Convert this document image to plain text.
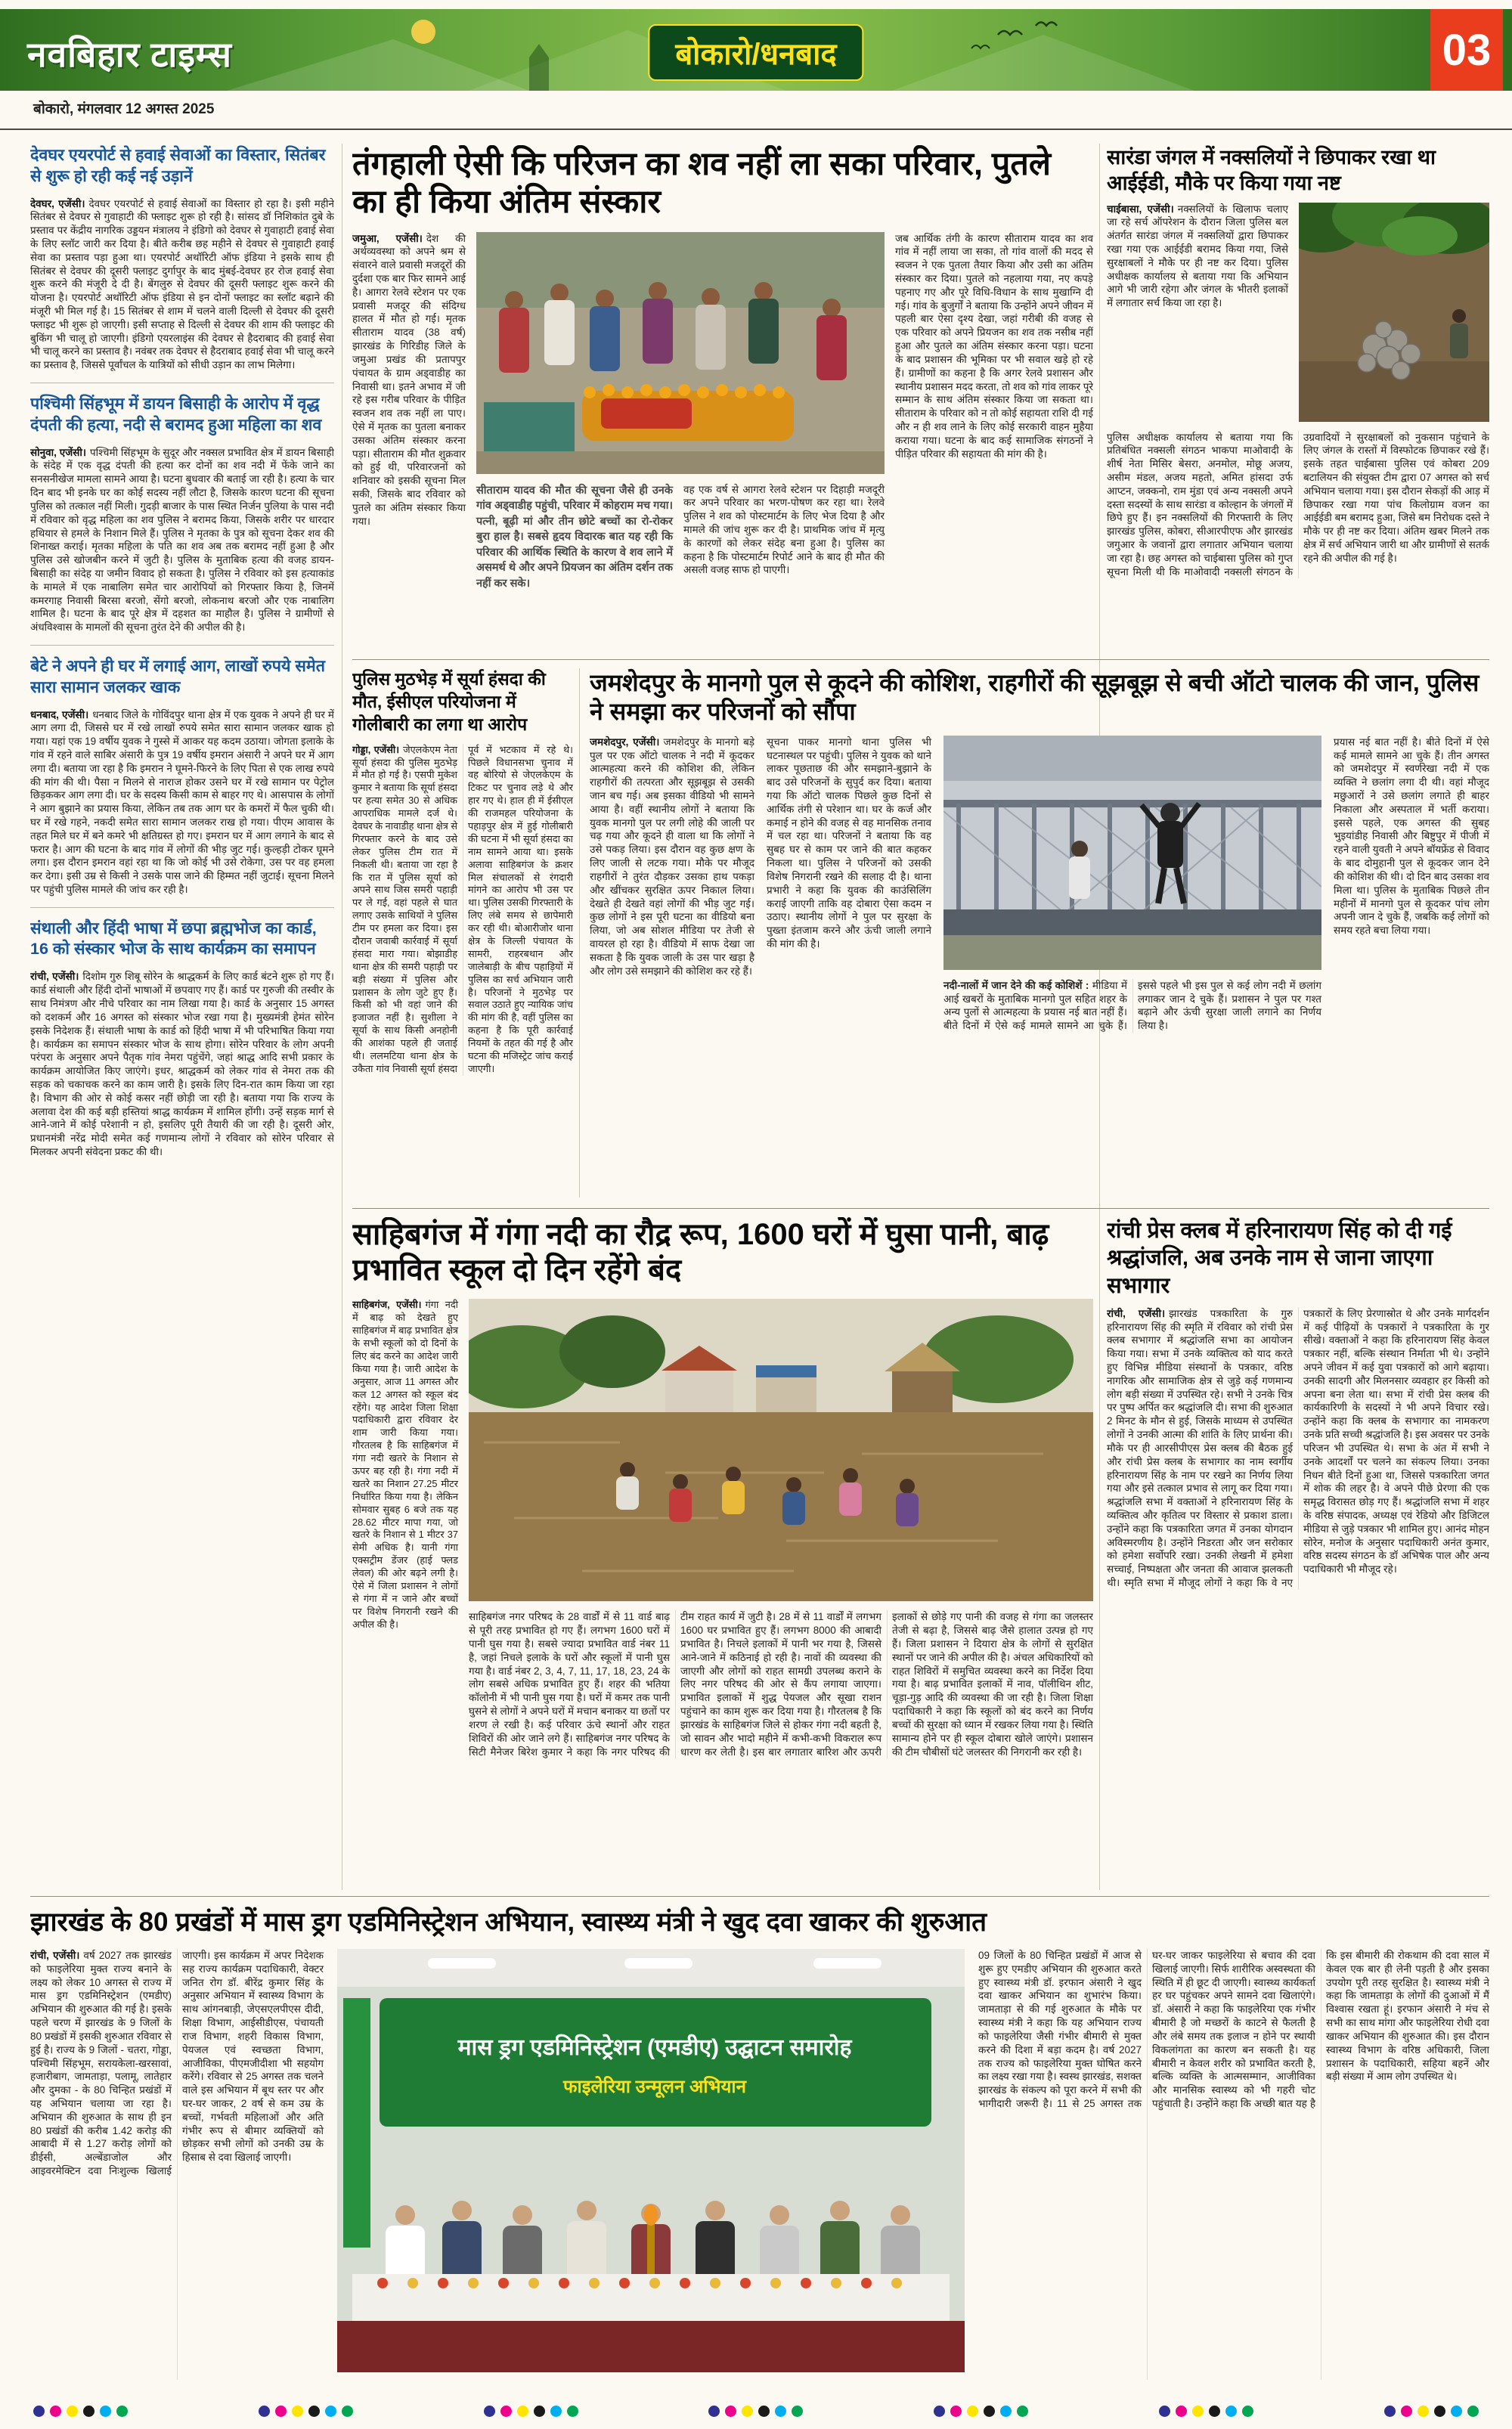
नवबिहार टाइम्स	बोकारो/धनबाद	03
बोकारो, मंगलवार 12 अगस्त 2025
देवघर एयरपोर्ट से हवाई सेवाओं का विस्तार, सितंबर से शुरू हो रही कई नई उड़ानें

देवघर, एजेंसी। देवघर एयरपोर्ट से हवाई सेवाओं का विस्तार हो रहा है। इसी महीने सितंबर से देवघर से गुवाहाटी की फ्लाइट शुरू हो रही है। सांसद डॉ निशिकांत दुबे के प्रस्ताव पर केंद्रीय नागरिक उड्डयन मंत्रालय ने इंडिगो को देवघर से गुवाहाटी हवाई सेवा के लिए स्लॉट जारी कर दिया है। बीते करीब छह महीने से देवघर से गुवाहाटी हवाई सेवा का प्रस्ताव पड़ा हुआ था। एयरपोर्ट अथॉरिटी ऑफ इंडिया ने इसके साथ ही सितंबर से देवघर की दूसरी फ्लाइट दुर्गापुर के बाद मुंबई-देवघर हर रोज हवाई सेवा शुरू करने की मंजूरी दे दी है। बेंगलुरु से देवघर की दूसरी फ्लाइट शुरू करने की योजना है। एयरपोर्ट अथॉरिटी ऑफ इंडिया से इन दोनों फ्लाइट का स्लॉट बढ़ाने की मंजूरी भी मिल गई है। 15 सितंबर से शाम में चलने वाली दिल्ली से देवघर की दूसरी फ्लाइट भी शुरू हो जाएगी। इसी सप्ताह से दिल्ली से देवघर की शाम की फ्लाइट की बुकिंग भी चालू हो जाएगी। इंडिगो एयरलाइंस की देवघर से हैदराबाद की हवाई सेवा भी चालू करने का प्रस्ताव है। नवंबर तक देवघर से हैदराबाद हवाई सेवा भी चालू करने का प्रस्ताव है, जिससे पूर्वांचल के यात्रियों को सीधी उड़ान का लाभ मिलेगा।

पश्चिमी सिंहभूम में डायन बिसाही के आरोप में वृद्ध दंपती की हत्या, नदी से बरामद हुआ महिला का शव

सोनुवा, एजेंसी। पश्चिमी सिंहभूम के सुदूर और नक्सल प्रभावित क्षेत्र में डायन बिसाही के संदेह में एक वृद्ध दंपती की हत्या कर दोनों का शव नदी में फेंके जाने का सनसनीखेज मामला सामने आया है। घटना बुधवार की बताई जा रही है। हत्या के चार दिन बाद भी इनके घर का कोई सदस्य नहीं लौटा है, जिसके कारण घटना की सूचना पुलिस को तत्काल नहीं मिली। गुदड़ी बाजार के पास स्थित निर्जन पुलिया के पास नदी में रविवार को वृद्ध महिला का शव पुलिस ने बरामद किया, जिसके शरीर पर धारदार हथियार से हमले के निशान मिले हैं। पुलिस ने मृतका के पुत्र को सूचना देकर शव की शिनाख्त कराई। मृतका महिला के पति का शव अब तक बरामद नहीं हुआ है और पुलिस उसे खोजबीन करने में जुटी है। पुलिस के मुताबिक हत्या की वजह डायन-बिसाही का संदेह या जमीन विवाद हो सकता है। पुलिस ने रविवार को इस हत्याकांड के मामले में एक नाबालिग समेत चार आरोपियों को गिरफ्तार किया है, जिनमें कमरगाह निवासी बिरसा बरजो, सेंगो बरजो, लोकनाथ बरजो और एक नाबालिग शामिल है। घटना के बाद पूरे क्षेत्र में दहशत का माहौल है। पुलिस ने ग्रामीणों से अंधविश्वास के मामलों की सूचना तुरंत देने की अपील की है।

बेटे ने अपने ही घर में लगाई आग, लाखों रुपये समेत सारा सामान जलकर खाक

धनबाद, एजेंसी। धनबाद जिले के गोविंदपुर थाना क्षेत्र में एक युवक ने अपने ही घर में आग लगा दी, जिससे घर में रखे लाखों रुपये समेत सारा सामान जलकर खाक हो गया। यहां एक 19 वर्षीय युवक ने गुस्से में आकर यह कदम उठाया। जोगता इलाके के गांव में रहने वाले साबिर अंसारी के पुत्र 19 वर्षीय इमरान अंसारी ने अपने घर में आग लगा दी। बताया जा रहा है कि इमरान ने घूमने-फिरने के लिए पिता से एक लाख रुपये की मांग की थी। पैसा न मिलने से नाराज होकर उसने घर में रखे सामान पर पेट्रोल छिड़ककर आग लगा दी। घर के सदस्य किसी काम से बाहर गए थे। आसपास के लोगों ने आग बुझाने का प्रयास किया, लेकिन तब तक आग घर के कमरों में फैल चुकी थी। घर में रखे गहने, नकदी समेत सारा सामान जलकर राख हो गया। पीएम आवास के तहत मिले घर में बने कमरे भी क्षतिग्रस्त हो गए। इमरान घर में आग लगाने के बाद से फरार है। आग की घटना के बाद गांव में लोगों की भीड़ जुट गई। कुल्हड़ी टोकर घूमने लगा। इस दौरान इमरान वहां रहा था कि जो कोई भी उसे रोकेगा, उस पर वह हमला कर देगा। इसी उम्र से किसी ने उसके पास जाने की हिम्मत नहीं जुटाई। सूचना मिलने पर पहुंची पुलिस मामले की जांच कर रही है।

संथाली और हिंदी भाषा में छपा ब्रह्मभोज का कार्ड, 16 को संस्कार भोज के साथ कार्यक्रम का समापन

रांची, एजेंसी। दिशोम गुरु शिबू सोरेन के श्राद्धकर्म के लिए कार्ड बंटने शुरू हो गए हैं। कार्ड संथाली और हिंदी दोनों भाषाओं में छपवाए गए हैं। कार्ड पर गुरुजी की तस्वीर के साथ निमंत्रण और नीचे परिवार का नाम लिखा गया है। कार्ड के अनुसार 15 अगस्त को दशकर्म और 16 अगस्त को संस्कार भोज रखा गया है। मुख्यमंत्री हेमंत सोरेन इसके निदेशक हैं। संथाली भाषा के कार्ड को हिंदी भाषा में भी परिभाषित किया गया है। कार्यक्रम का समापन संस्कार भोज के साथ होगा। सोरेन परिवार के लोग अपनी परंपरा के अनुसार अपने पैतृक गांव नेमरा पहुंचेंगे, जहां श्राद्ध आदि सभी प्रकार के कार्यक्रम आयोजित किए जाएंगे। इधर, श्राद्धकर्म को लेकर गांव से नेमरा तक की सड़क को चकाचक करने का काम जारी है। इसके लिए दिन-रात काम किया जा रहा है। विभाग की ओर से कोई कसर नहीं छोड़ी जा रही है। बताया गया कि राज्य के अलावा देश की कई बड़ी हस्तियां श्राद्ध कार्यक्रम में शामिल होंगी। उन्हें सड़क मार्ग से आने-जाने में कोई परेशानी न हो, इसलिए पूरी तैयारी की जा रही है। दूसरी ओर, प्रधानमंत्री नरेंद्र मोदी समेत कई गणमान्य लोगों ने रविवार को सोरेन परिवार से मिलकर अपनी संवेदना प्रकट की थी।

तंगहाली ऐसी कि परिजन का शव नहीं ला सका परिवार, पुतले का ही किया अंतिम संस्कार
जमुआ, एजेंसी। देश की अर्थव्यवस्था को अपने श्रम से संवारने वाले प्रवासी मजदूरों की दुर्दशा एक बार फिर सामने आई है। आगरा रेलवे स्टेशन पर एक प्रवासी मजदूर की संदिग्ध हालत में मौत हो गई। मृतक सीताराम यादव (38 वर्ष) झारखंड के गिरिडीह जिले के जमुआ प्रखंड की प्रतापपुर पंचायत के ग्राम अड्वाडीह का निवासी था। इतने अभाव में जी रहे इस गरीब परिवार के पीड़ित स्वजन शव तक नहीं ला पाए। ऐसे में मृतक का पुतला बनाकर उसका अंतिम संस्कार करना पड़ा। सीताराम की मौत शुक्रवार को हुई थी, परिवारजनों को शनिवार को इसकी सूचना मिल सकी, जिसके बाद रविवार को पुतले का अंतिम संस्कार किया गया।
सीताराम यादव की मौत की सूचना जैसे ही उनके गांव अड्वाडीह पहुंची, परिवार में कोहराम मच गया। पत्नी, बूढ़ी मां और तीन छोटे बच्चों का रो-रोकर बुरा हाल है। सबसे हृदय विदारक बात यह रही कि परिवार की आर्थिक स्थिति के कारण वे शव लाने में असमर्थ थे और अपने प्रियजन का अंतिम दर्शन तक नहीं कर सके।
वह एक वर्ष से आगरा रेलवे स्टेशन पर दिहाड़ी मजदूरी कर अपने परिवार का भरण-पोषण कर रहा था। रेलवे पुलिस ने शव को पोस्टमार्टम के लिए भेज दिया है और मामले की जांच शुरू कर दी है। प्राथमिक जांच में मृत्यु के कारणों को लेकर संदेह बना हुआ है। पुलिस का कहना है कि पोस्टमार्टम रिपोर्ट आने के बाद ही मौत की असली वजह साफ हो पाएगी।
जब आर्थिक तंगी के कारण सीताराम यादव का शव गांव में नहीं लाया जा सका, तो गांव वालों की मदद से स्वजन ने एक पुतला तैयार किया और उसी का अंतिम संस्कार कर दिया। पुतले को नहलाया गया, नए कपड़े पहनाए गए और पूरे विधि-विधान के साथ मुखाग्नि दी गई। गांव के बुजुर्गों ने बताया कि उन्होंने अपने जीवन में पहली बार ऐसा दृश्य देखा, जहां गरीबी की वजह से एक परिवार को अपने प्रियजन का शव तक नसीब नहीं हुआ और पुतले का अंतिम संस्कार करना पड़ा। घटना के बाद प्रशासन की भूमिका पर भी सवाल खड़े हो रहे हैं। ग्रामीणों का कहना है कि अगर रेलवे प्रशासन और स्थानीय प्रशासन मदद करता, तो शव को गांव लाकर पूरे सम्मान के साथ अंतिम संस्कार किया जा सकता था। सीताराम के परिवार को न तो कोई सहायता राशि दी गई और न ही शव लाने के लिए कोई सरकारी वाहन मुहैया कराया गया। घटना के बाद कई सामाजिक संगठनों ने पीड़ित परिवार की सहायता की मांग की है।
सारंडा जंगल में नक्सलियों ने छिपाकर रखा था आईईडी, मौके पर किया गया नष्ट
चाईबासा, एजेंसी। नक्सलियों के खिलाफ चलाए जा रहे सर्च ऑपरेशन के दौरान जिला पुलिस बल अंतर्गत सारंडा जंगल में नक्सलियों द्वारा छिपाकर रखा गया एक आईईडी बरामद किया गया, जिसे सुरक्षाबलों ने मौके पर ही नष्ट कर दिया। पुलिस अधीक्षक कार्यालय से बताया गया कि अभियान आगे भी जारी रहेगा और जंगल के भीतरी इलाकों में लगातार सर्च किया जा रहा है।
पुलिस अधीक्षक कार्यालय से बताया गया कि प्रतिबंधित नक्सली संगठन भाकपा माओवादी के शीर्ष नेता मिसिर बेसरा, अनमोल, मोछू अजय, असीम मंडल, अजय महतो, अमित हांसदा उर्फ आप्टन, जक्कनो, राम मुंडा एवं अन्य नक्सली अपने दस्ता सदस्यों के साथ सारंडा व कोल्हान के जंगलों में छिपे हुए हैं। इन नक्सलियों की गिरफ्तारी के लिए झारखंड पुलिस, कोबरा, सीआरपीएफ और झारखंड जगुआर के जवानों द्वारा लगातार अभियान चलाया जा रहा है। छह अगस्त को चाईबासा पुलिस को गुप्त सूचना मिली थी कि माओवादी नक्सली संगठन के उग्रवादियों ने सुरक्षाबलों को नुकसान पहुंचाने के लिए जंगल के रास्तों में विस्फोटक छिपाकर रखे हैं। इसके तहत चाईबासा पुलिस एवं कोबरा 209 बटालियन की संयुक्त टीम द्वारा 07 अगस्त को सर्च अभियान चलाया गया। इस दौरान सेकड़ों की आड़ में छिपाकर रखा गया पांच किलोग्राम वजन का आईईडी बम बरामद हुआ, जिसे बम निरोधक दस्ते ने मौके पर ही नष्ट कर दिया। अंतिम खबर मिलने तक क्षेत्र में सर्च अभियान जारी था और ग्रामीणों से सतर्क रहने की अपील की गई है।
पुलिस मुठभेड़ में सूर्या हंसदा की मौत, ईसीएल परियोजना में गोलीबारी का लगा था आरोप
गोड्डा, एजेंसी। जेएलकेएम नेता सूर्या हंसदा की पुलिस मुठभेड़ में मौत हो गई है। एसपी मुकेश कुमार ने बताया कि सूर्या हंसदा पर हत्या समेत 30 से अधिक आपराधिक मामले दर्ज थे। देवघर के नावाडीह थाना क्षेत्र से गिरफ्तार करने के बाद उसे लेकर पुलिस टीम रात में निकली थी। बताया जा रहा है कि रात में पुलिस सूर्या को अपने साथ जिस समरी पहाड़ी पर ले गई, वहां पहले से घात लगाए उसके साथियों ने पुलिस टीम पर हमला कर दिया। इस दौरान जवाबी कार्रवाई में सूर्या हंसदा मारा गया। बोझाडीह थाना क्षेत्र की समरी पहाड़ी पर बड़ी संख्या में पुलिस और प्रशासन के लोग जुटे हुए हैं। किसी को भी वहां जाने की इजाजत नहीं है। सुशीला ने सूर्या के साथ किसी अनहोनी की आशंका पहले ही जताई थी। ललमटिया थाना क्षेत्र के उकैता गांव निवासी सूर्या हंसदा पूर्व में भटकाव में रहे थे। पिछले विधानसभा चुनाव में वह बोरियो से जेएलकेएम के टिकट पर चुनाव लड़े थे और हार गए थे। हाल ही में ईसीएल की राजमहल परियोजना के पहाड़पुर क्षेत्र में हुई गोलीबारी की घटना में भी सूर्या हंसदा का नाम सामने आया था। इसके अलावा साहिबगंज के क्रशर मिल संचालकों से रंगदारी मांगने का आरोप भी उस पर था। पुलिस उसकी गिरफ्तारी के लिए लंबे समय से छापेमारी कर रही थी। बोआरीजोर थाना क्षेत्र के जिल्ली पंचायत के सामरी, राहरबथान और जालेबाड़ी के बीच पहाड़ियों में पुलिस का सर्च अभियान जारी है। परिजनों ने मुठभेड़ पर सवाल उठाते हुए न्यायिक जांच की मांग की है, वहीं पुलिस का कहना है कि पूरी कार्रवाई नियमों के तहत की गई है और घटना की मजिस्ट्रेट जांच कराई जाएगी।
जमशेदपुर के मानगो पुल से कूदने की कोशिश, राहगीरों की सूझबूझ से बची ऑटो चालक की जान, पुलिस ने समझा कर परिजनों को सौंपा
जमशेदपुर, एजेंसी। जमशेदपुर के मानगो बड़े पुल पर एक ऑटो चालक ने नदी में कूदकर आत्महत्या करने की कोशिश की, लेकिन राहगीरों की तत्परता और सूझबूझ से उसकी जान बच गई। अब इसका वीडियो भी सामने आया है। वहीं स्थानीय लोगों ने बताया कि युवक मानगो पुल पर लगी लोहे की जाली पर चढ़ गया और कूदने ही वाला था कि लोगों ने उसे पकड़ लिया। इस दौरान वह कुछ क्षण के लिए जाली से लटक गया। मौके पर मौजूद राहगीरों ने तुरंत दौड़कर उसका हाथ पकड़ा और खींचकर सुरक्षित ऊपर निकाल लिया। देखते ही देखते वहां लोगों की भीड़ जुट गई। कुछ लोगों ने इस पूरी घटना का वीडियो बना लिया, जो अब सोशल मीडिया पर तेजी से वायरल हो रहा है। वीडियो में साफ देखा जा सकता है कि युवक जाली के उस पार खड़ा है और लोग उसे समझाने की कोशिश कर रहे हैं।
सूचना पाकर मानगो थाना पुलिस भी घटनास्थल पर पहुंची। पुलिस ने युवक को थाने लाकर पूछताछ की और समझाने-बुझाने के बाद उसे परिजनों के सुपुर्द कर दिया। बताया गया कि ऑटो चालक पिछले कुछ दिनों से आर्थिक तंगी से परेशान था। घर के कर्ज और कमाई न होने की वजह से वह मानसिक तनाव में चल रहा था। परिजनों ने बताया कि वह सुबह घर से काम पर जाने की बात कहकर निकला था। पुलिस ने परिजनों को उसकी विशेष निगरानी रखने की सलाह दी है। थाना प्रभारी ने कहा कि युवक की काउंसिलिंग कराई जाएगी ताकि वह दोबारा ऐसा कदम न उठाए। स्थानीय लोगों ने पुल पर सुरक्षा के पुख्ता इंतजाम करने और ऊंची जाली लगाने की मांग की है।
नदी-नालों में जान देने की कई कोशिशें : मीडि‍या में आई खबरों के मुताबिक मानगो पुल सहित शहर के अन्य पुलों से आत्महत्या के प्रयास नई बात नहीं हैं। बीते दिनों में ऐसे कई मामले सामने आ चुके हैं। इससे पहले भी इस पुल से कई लोग नदी में छलांग लगाकर जान दे चुके हैं। प्रशासन ने पुल पर गश्त बढ़ाने और ऊंची सुरक्षा जाली लगाने का निर्णय लिया है।
प्रयास नई बात नहीं है। बीते दिनों में ऐसे कई मामले सामने आ चुके हैं। तीन अगस्त को जमशेदपुर में स्वर्णरेखा नदी में एक व्यक्ति ने छलांग लगा दी थी। वहां मौजूद मछुआरों ने उसे छलांग लगाते ही बाहर निकाला और अस्पताल में भर्ती कराया। इससे पहले, एक अगस्त की सुबह भुइयांडीह निवासी और बिष्टुपुर में पीजी में रहने वाली युवती ने अपने बॉयफ्रेंड से विवाद के बाद दोमुहानी पुल से कूदकर जान देने की कोशिश की थी। दो दिन बाद उसका शव मिला था। पुलिस के मुताबिक पिछले तीन महीनों में मानगो पुल से कूदकर पांच लोग अपनी जान दे चुके हैं, जबकि कई लोगों को समय रहते बचा लिया गया।
साहिबगंज में गंगा नदी का रौद्र रूप, 1600 घरों में घुसा पानी, बाढ़ प्रभावित स्कूल दो दिन रहेंगे बंद
साहिबगंज, एजेंसी। गंगा नदी में बाढ़ को देखते हुए साहिबगंज में बाढ़ प्रभावित क्षेत्र के सभी स्कूलों को दो दिनों के लिए बंद करने का आदेश जारी किया गया है। जारी आदेश के अनुसार, आज 11 अगस्त और कल 12 अगस्त को स्कूल बंद रहेंगे। यह आदेश जिला शिक्षा पदाधिकारी द्वारा रविवार देर शाम जारी किया गया। गौरतलब है कि साहिबगंज में गंगा नदी खतरे के निशान से ऊपर बह रही है। गंगा नदी में खतरे का निशान 27.25 मीटर निर्धारित किया गया है। लेकिन सोमवार सुबह 6 बजे तक यह 28.62 मीटर मापा गया, जो खतरे के निशान से 1 मीटर 37 सेमी अधिक है। यानी गंगा एक्सट्रीम डेंजर (हाई फ्लड लेवल) की ओर बढ़ने लगी है। ऐसे में जिला प्रशासन ने लोगों से गंगा में न जाने और बच्चों पर विशेष निगरानी रखने की अपील की है।
साहिबगंज नगर परिषद के 28 वार्डों में से 11 वार्ड बाढ़ से पूरी तरह प्रभावित हो गए हैं। लगभग 1600 घरों में पानी घुस गया है। सबसे ज्यादा प्रभावित वार्ड नंबर 11 है, जहां निचले इलाके के घरों और स्कूलों में पानी घुस गया है। वार्ड नंबर 2, 3, 4, 7, 11, 17, 18, 23, 24 के लोग सबसे अधिक प्रभावित हुए हैं। शहर की भतिया कॉलोनी में भी पानी घुस गया है। घरों में कमर तक पानी घुसने से लोगों ने अपने घरों में मचान बनाकर या छतों पर शरण ले रखी है। कई परिवार ऊंचे स्थानों और राहत शिविरों की ओर जाने लगे हैं। साहिबगंज नगर परिषद के सिटी मैनेजर बिरेश कुमार ने कहा कि नगर परिषद की टीम राहत कार्य में जुटी है। 28 में से 11 वार्डों में लगभग 1600 घर प्रभावित हुए हैं। लगभग 8000 की आबादी प्रभावित है। निचले इलाकों में पानी भर गया है, जिससे आने-जाने में कठिनाई हो रही है। नावों की व्यवस्था की जाएगी और लोगों को राहत सामग्री उपलब्ध कराने के लिए नगर परिषद की ओर से कैंप लगाया जाएगा। प्रभावित इलाकों में शुद्ध पेयजल और सूखा राशन पहुंचाने का काम शुरू कर दिया गया है। गौरतलब है कि झारखंड के साहिबगंज जिले से होकर गंगा नदी बहती है, जो सावन और भादो महीने में कभी-कभी विकराल रूप धारण कर लेती है। इस बार लगातार बारिश और ऊपरी इलाकों से छोड़े गए पानी की वजह से गंगा का जलस्तर तेजी से बढ़ा है, जिससे बाढ़ जैसे हालात उत्पन्न हो गए हैं। जिला प्रशासन ने दियारा क्षेत्र के लोगों से सुरक्षित स्थानों पर जाने की अपील की है। अंचल अधिकारियों को राहत शिविरों में समुचित व्यवस्था करने का निर्देश दिया गया है। बाढ़ प्रभावित इलाकों में नाव, पॉलीथिन शीट, चूड़ा-गुड़ आदि की व्यवस्था की जा रही है। जिला शिक्षा पदाधिकारी ने कहा कि स्कूलों को बंद करने का निर्णय बच्चों की सुरक्षा को ध्यान में रखकर लिया गया है। स्थिति सामान्य होने पर ही स्कूल दोबारा खोले जाएंगे। प्रशासन की टीम चौबीसों घंटे जलस्तर की निगरानी कर रही है।
रांची प्रेस क्लब में हरिनारायण सिंह को दी गई श्रद्धांजलि, अब उनके नाम से जाना जाएगा सभागार
रांची, एजेंसी। झारखंड पत्रकारिता के गुरु हरिनारायण सिंह की स्मृति में रविवार को रांची प्रेस क्लब सभागार में श्रद्धांजलि सभा का आयोजन किया गया। सभा में उनके व्यक्तित्व को याद करते हुए विभिन्न मीडिया संस्थानों के पत्रकार, वरिष्ठ नागरिक और सामाजिक क्षेत्र से जुड़े कई गणमान्य लोग बड़ी संख्या में उपस्थित रहे। सभी ने उनके चित्र पर पुष्प अर्पित कर श्रद्धांजलि दी। सभा की शुरुआत 2 मिनट के मौन से हुई, जिसके माध्यम से उपस्थित लोगों ने उनकी आत्मा की शांति के लिए प्रार्थना की। मौके पर ही आरसीपीएस प्रेस क्लब की बैठक हुई और रांची प्रेस क्लब के सभागार का नाम स्वर्गीय हरिनारायण सिंह के नाम पर रखने का निर्णय लिया गया और इसे तत्काल प्रभाव से लागू कर दिया गया। श्रद्धांजलि सभा में वक्ताओं ने हरिनारायण सिंह के व्यक्तित्व और कृतित्व पर विस्तार से प्रकाश डाला। उन्होंने कहा कि पत्रकारिता जगत में उनका योगदान अविस्मरणीय है। उन्होंने निडरता और जन सरोकार को हमेशा सर्वोपरि रखा। उनकी लेखनी में हमेशा सच्चाई, निष्पक्षता और जनता की आवाज झलकती थी। स्मृति सभा में मौजूद लोगों ने कहा कि वे नए पत्रकारों के लिए प्रेरणास्रोत थे और उनके मार्गदर्शन में कई पीढ़ियों के पत्रकारों ने पत्रकारिता के गुर सीखे। वक्ताओं ने कहा कि हरिनारायण सिंह केवल पत्रकार नहीं, बल्कि संस्थान निर्माता भी थे। उन्होंने अपने जीवन में कई युवा पत्रकारों को आगे बढ़ाया। उनकी सादगी और मिलनसार व्यवहार हर किसी को अपना बना लेता था। सभा में रांची प्रेस क्लब की कार्यकारिणी के सदस्यों ने भी अपने विचार रखे। उन्होंने कहा कि क्लब के सभागार का नामकरण उनके प्रति सच्ची श्रद्धांजलि है। इस अवसर पर उनके परिजन भी उपस्थित थे। सभा के अंत में सभी ने उनके आदर्शों पर चलने का संकल्प लिया। उनका निधन बीते दिनों हुआ था, जिससे पत्रकारिता जगत में शोक की लहर है। वे अपने पीछे प्रेरणा की एक समृद्ध विरासत छोड़ गए हैं। श्रद्धांजलि सभा में शहर के वरिष्ठ संपादक, अध्यक्ष एवं रेडियो और डिजिटल मीडिया से जुड़े पत्रकार भी शामिल हुए। आनंद मोहन सोरेन, मनोज के अनुसार पदाधिकारी अनंत कुमार, वरिष्ठ सदस्य संगठन के डॉ अभिषेक पाल और अन्य पदाधिकारी भी मौजूद रहे।
झारखंड के 80 प्रखंडों में मास ड्रग एडमिनिस्ट्रेशन अभियान, स्वास्थ्य मंत्री ने खुद दवा खाकर की शुरुआत
रांची, एजेंसी। वर्ष 2027 तक झारखंड को फाइलेरिया मुक्त राज्य बनाने के लक्ष्य को लेकर 10 अगस्त से राज्य में मास ड्रग एडमिनिस्ट्रेशन (एमडीए) अभियान की शुरुआत की गई है। इसके पहले चरण में झारखंड के 9 जिलों के 80 प्रखंडों में इसकी शुरुआत रविवार से हुई है। राज्य के 9 जिलों - चतरा, गोड्डा, पश्चिमी सिंहभूम, सरायकेला-खरसावां, हजारीबाग, जामताड़ा, पलामू, लातेहार और दुमका - के 80 चिन्हित प्रखंडों में यह अभियान चलाया जा रहा है। अभियान की शुरुआत के साथ ही इन 80 प्रखंडों की करीब 1.42 करोड़ की आबादी में से 1.27 करोड़ लोगों को डीईसी, अल्बेंडाजोल और आइवरमेक्टिन दवा निःशुल्क खिलाई जाएगी। इस कार्यक्रम में अपर निदेशक सह राज्य कार्यक्रम पदाधिकारी, वेक्टर जनित रोग डॉ. बीरेंद्र कुमार सिंह के अनुसार अभियान में स्वास्थ्य विभाग के साथ आंगनबाड़ी, जेएसएलपीएस दीदी, शिक्षा विभाग, आईसीडीएस, पंचायती राज विभाग, शहरी विकास विभाग, पेयजल एवं स्वच्छता विभाग, आजीविका, पीएमजीदीशा भी सहयोग करेंगे। रविवार से 25 अगस्त तक चलने वाले इस अभियान में बूथ स्तर पर और घर-घर जाकर, 2 वर्ष से कम उम्र के बच्चों, गर्भवती महिलाओं और अति गंभीर रूप से बीमार व्यक्तियों को छोड़कर सभी लोगों को उनकी उम्र के हिसाब से दवा खिलाई जाएगी।
मास ड्रग एडमिनिस्ट्रेशन (एमडीए) उद्घाटन समारोह
फाइलेरिया उन्मूलन अभियान
09 जिलों के 80 चिन्हित प्रखंडों में आज से शुरू हुए एमडीए अभियान की शुरुआत करते हुए स्वास्थ्य मंत्री डॉ. इरफान अंसारी ने खुद दवा खाकर अभियान का शुभारंभ किया। जामताड़ा से की गई शुरुआत के मौके पर स्वास्थ्य मंत्री ने कहा कि यह अभियान राज्य को फाइलेरिया जैसी गंभीर बीमारी से मुक्त करने की दिशा में बड़ा कदम है। वर्ष 2027 तक राज्य को फाइलेरिया मुक्त घोषित करने का लक्ष्य रखा गया है। स्वस्थ झारखंड, सशक्त झारखंड के संकल्प को पूरा करने में सभी की भागीदारी जरूरी है। 11 से 25 अगस्त तक घर-घर जाकर फाइलेरिया से बचाव की दवा खिलाई जाएगी। सिर्फ शारीरिक अस्वस्थता की स्थिति में ही छूट दी जाएगी। स्वास्थ्य कार्यकर्ता हर घर पहुंचकर अपने सामने दवा खिलाएंगे। डॉ. अंसारी ने कहा कि फाइलेरिया एक गंभीर बीमारी है जो मच्छरों के काटने से फैलती है और लंबे समय तक इलाज न होने पर स्थायी विकलांगता का कारण बन सकती है। यह बीमारी न केवल शरीर को प्रभावित करती है, बल्कि व्यक्ति के आत्मसम्मान, आजीविका और मानसिक स्वास्थ्य को भी गहरी चोट पहुंचाती है। उन्होंने कहा कि अच्छी बात यह है कि इस बीमारी की रोकथाम की दवा साल में केवल एक बार ही लेनी पड़ती है और इसका उपयोग पूरी तरह सुरक्षित है। स्वास्थ्य मंत्री ने कहा कि जामताड़ा के लोगों की दुआओं में मैं विश्वास रखता हूं। इरफान अंसारी ने मंच से सभी का साथ मांगा और फाइलेरिया रोधी दवा खाकर अभियान की शुरुआत की। इस दौरान स्वास्थ्य विभाग के वरिष्ठ अधिकारी, जिला प्रशासन के पदाधिकारी, सहिया बहनें और बड़ी संख्या में आम लोग उपस्थित थे।
